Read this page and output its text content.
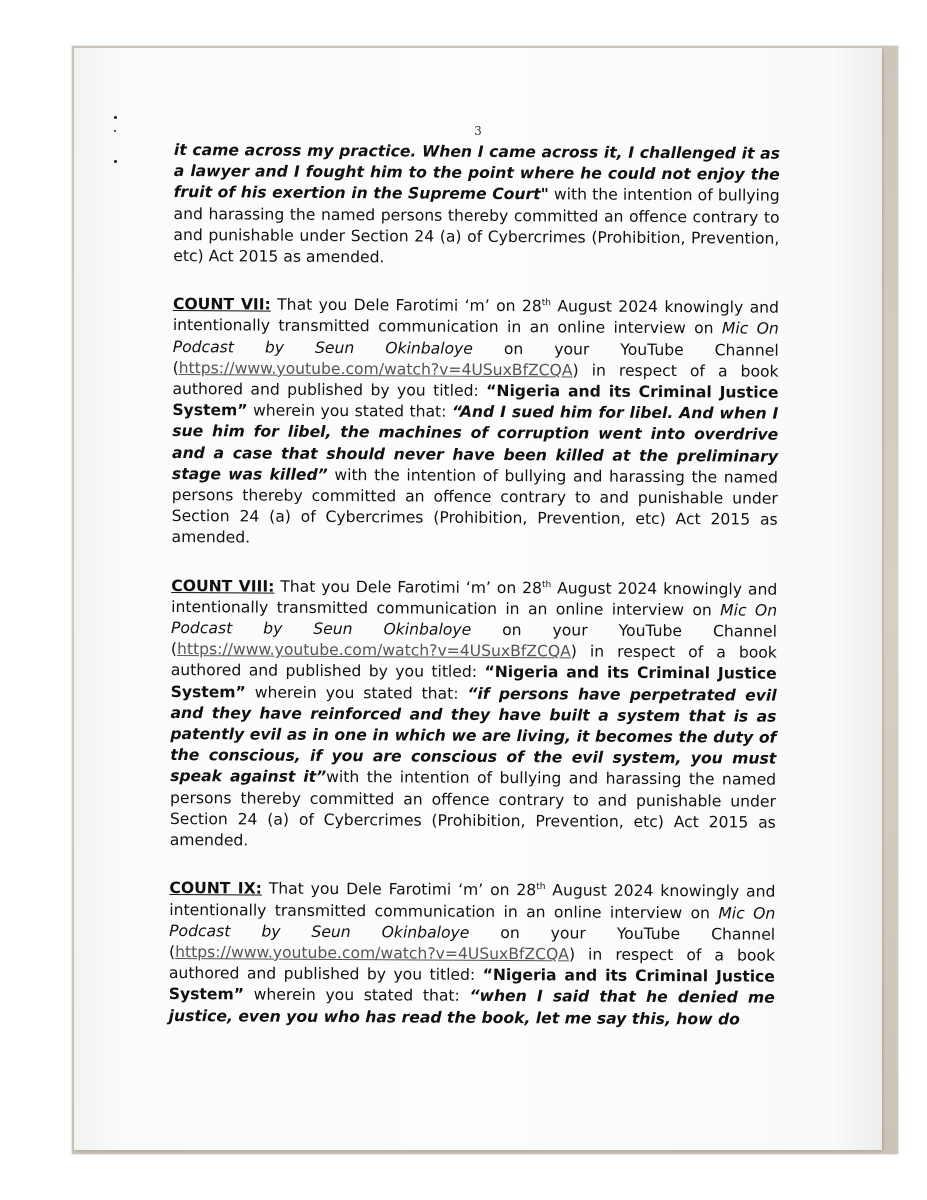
3

it came across my practice. When I came across it, I challenged it as a lawyer and I fought him to the point where he could not enjoy the fruit of his exertion in the Supreme Court" with the intention of bullying and harassing the named persons thereby committed an offence contrary to and punishable under Section 24 (a) of Cybercrimes (Prohibition, Prevention, etc) Act 2015 as amended.

COUNT VII: That you Dele Farotimi ‘m’ on 28th August 2024 knowingly and intentionally transmitted communication in an online interview on Mic On Podcast by Seun Okinbaloye on your YouTube Channel (https://www.youtube.com/watch?v=4USuxBfZCQA) in respect of a book authored and published by you titled: “Nigeria and its Criminal Justice System” wherein you stated that: “And I sued him for libel. And when I sue him for libel, the machines of corruption went into overdrive and a case that should never have been killed at the preliminary stage was killed” with the intention of bullying and harassing the named persons thereby committed an offence contrary to and punishable under Section 24 (a) of Cybercrimes (Prohibition, Prevention, etc) Act 2015 as amended.

COUNT VIII: That you Dele Farotimi ‘m’ on 28th August 2024 knowingly and intentionally transmitted communication in an online interview on Mic On Podcast by Seun Okinbaloye on your YouTube Channel (https://www.youtube.com/watch?v=4USuxBfZCQA) in respect of a book authored and published by you titled: “Nigeria and its Criminal Justice System” wherein you stated that: “if persons have perpetrated evil and they have reinforced and they have built a system that is as patently evil as in one in which we are living, it becomes the duty of the conscious, if you are conscious of the evil system, you must speak against it”with the intention of bullying and harassing the named persons thereby committed an offence contrary to and punishable under Section 24 (a) of Cybercrimes (Prohibition, Prevention, etc) Act 2015 as amended.

COUNT IX: That you Dele Farotimi ‘m’ on 28th August 2024 knowingly and intentionally transmitted communication in an online interview on Mic On Podcast by Seun Okinbaloye on your YouTube Channel (https://www.youtube.com/watch?v=4USuxBfZCQA) in respect of a book authored and published by you titled: “Nigeria and its Criminal Justice System” wherein you stated that: “when I said that he denied me justice, even you who has read the book, let me say this, how do
